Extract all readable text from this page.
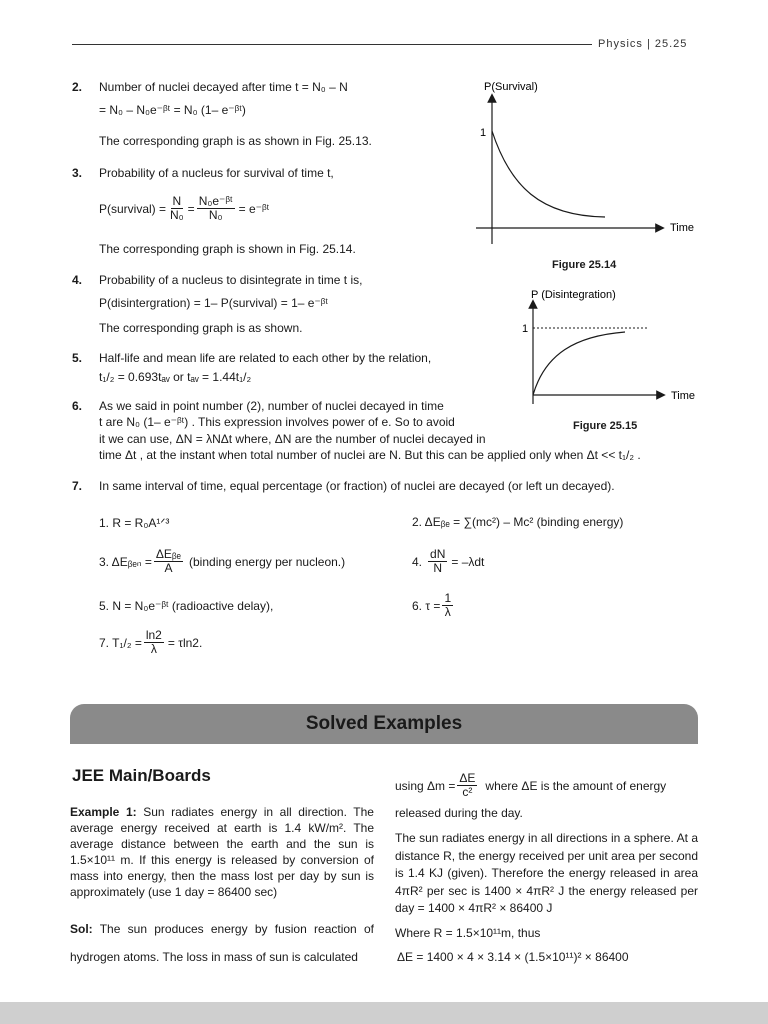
Physics | 25.25
2. Number of nuclei decayed after time t = N₀ – N
= N₀ – N₀e⁻ᵝᵗ = N₀ (1– e⁻ᵝᵗ)
The corresponding graph is as shown in Fig. 25.13.
3. Probability of a nucleus for survival of time t,
P(survival) = $\frac{N}{\text{N₀}} = \frac{\text{N₀e⁻ᵝᵗ}}{\text{N₀}}$ = e⁻ᵝᵗ
The corresponding graph is shown in Fig. 25.14.
4. Probability of a nucleus to disintegrate in time t is,
P(disintergration) = 1– P(survival) = 1– e⁻ᵝᵗ
The corresponding graph is as shown.
5. Half-life and mean life are related to each other by the relation,
t₁/₂ = 0.693tₐᵥ or tₐᵥ = 1.44t₁/₂
6. As we said in point number (2), number of nuclei decayed in time
t are N₀ (1– e⁻ᵝᵗ) . This expression involves power of e. So to avoid
it we can use, ΔN = λNΔt where, ΔN are the number of nuclei decayed in
time Δt , at the instant when total number of nuclei are N. But this can be applied only when Δt << t₁/₂ .
7. In same interval of time, equal percentage (or fraction) of nuclei are decayed (or left un decayed).
1. R = R₀A¹ᐟ³	2. ΔEᵦₑ = ∑(mc²) – Mc² (binding energy)
3. ΔEᵦₑₙ = $\frac{\text{ΔEᵦₑ}}{A}$ (binding energy per nucleon.)	4. $\frac{dN}{N} = -\lambda dt$
5. N = N₀e⁻ᵝᵗ (radioactive delay),	6. $\tau = \frac{1}{\lambda}$
7. $T_1/_2 = \frac{\ln 2}{\lambda} = \tau\ln 2$.
P(Survival)
1
Time
Figure 25.14
P (Disintegration)
1
Time
Figure 25.15
Solved Examples
JEE Main/Boards
Example 1: Sun radiates energy in all direction. The average energy received at earth is 1.4 kW/m². The average distance between the earth and the sun is 1.5×10¹¹ m. If this energy is released by conversion of mass into energy, then the mass lost per day by sun is approximately (use 1 day = 86400 sec)
Sol: The sun produces energy by fusion reaction of hydrogen atoms. The loss in mass of sun is calculated
using $\Delta m = \frac{\Delta E}{\text{c²}}$ where ΔE is the amount of energy
released during the day.
The sun radiates energy in all directions in a sphere. At a distance R, the energy received per unit area per second is 1.4 KJ (given). Therefore the energy released in area 4πR² per sec is 1400 × 4πR² J the energy released per day = 1400 × 4πR² × 86400 J
Where R = 1.5×10¹¹m, thus
ΔE = 1400 × 4 × 3.14 × (1.5×10¹¹)² × 86400
